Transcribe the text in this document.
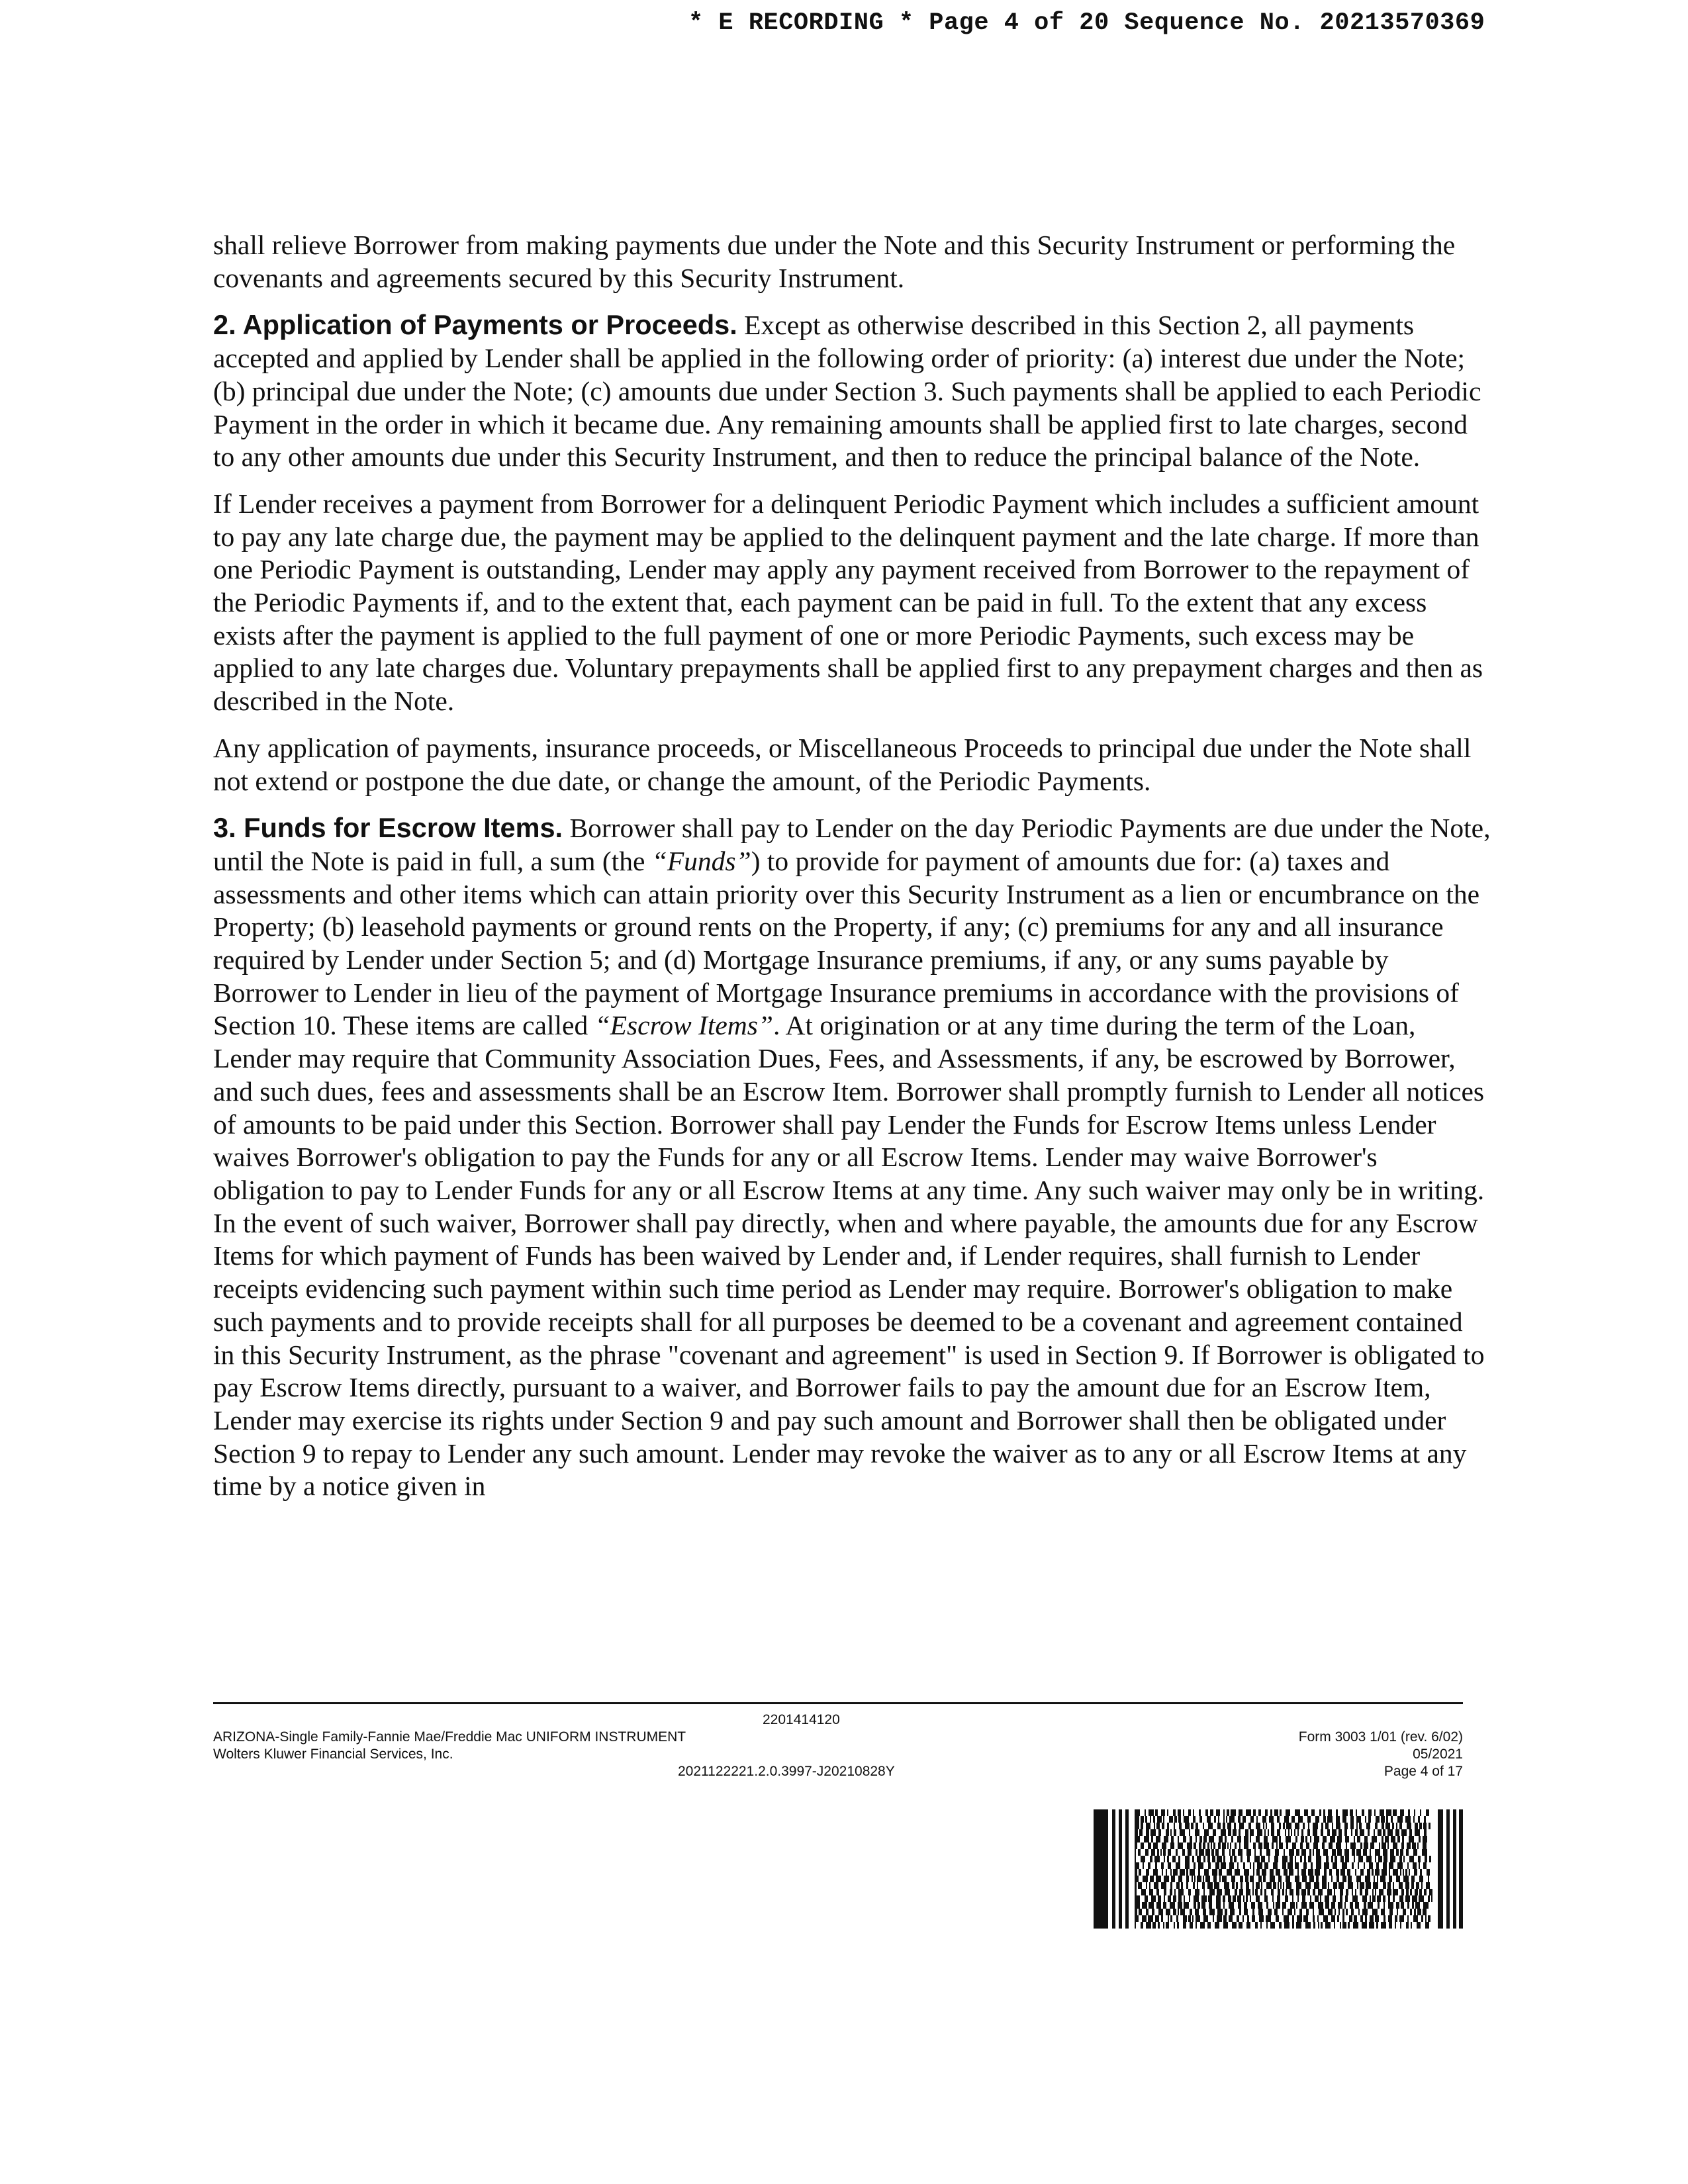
* E RECORDING * Page 4 of 20 Sequence No. 20213570369

shall relieve Borrower from making payments due under the Note and this Security Instrument or performing the covenants and agreements secured by this Security Instrument.

2. Application of Payments or Proceeds. Except as otherwise described in this Section 2, all payments accepted and applied by Lender shall be applied in the following order of priority: (a) interest due under the Note; (b) principal due under the Note; (c) amounts due under Section 3. Such payments shall be applied to each Periodic Payment in the order in which it became due. Any remaining amounts shall be applied first to late charges, second to any other amounts due under this Security Instrument, and then to reduce the principal balance of the Note.

If Lender receives a payment from Borrower for a delinquent Periodic Payment which includes a sufficient amount to pay any late charge due, the payment may be applied to the delinquent payment and the late charge. If more than one Periodic Payment is outstanding, Lender may apply any payment received from Borrower to the repayment of the Periodic Payments if, and to the extent that, each payment can be paid in full. To the extent that any excess exists after the payment is applied to the full payment of one or more Periodic Payments, such excess may be applied to any late charges due. Voluntary prepayments shall be applied first to any prepayment charges and then as described in the Note.

Any application of payments, insurance proceeds, or Miscellaneous Proceeds to principal due under the Note shall not extend or postpone the due date, or change the amount, of the Periodic Payments.

3. Funds for Escrow Items. Borrower shall pay to Lender on the day Periodic Payments are due under the Note, until the Note is paid in full, a sum (the “Funds”) to provide for payment of amounts due for: (a) taxes and assessments and other items which can attain priority over this Security Instrument as a lien or encumbrance on the Property; (b) leasehold payments or ground rents on the Property, if any; (c) premiums for any and all insurance required by Lender under Section 5; and (d) Mortgage Insurance premiums, if any, or any sums payable by Borrower to Lender in lieu of the payment of Mortgage Insurance premiums in accordance with the provisions of Section 10. These items are called “Escrow Items”. At origination or at any time during the term of the Loan, Lender may require that Community Association Dues, Fees, and Assessments, if any, be escrowed by Borrower, and such dues, fees and assessments shall be an Escrow Item. Borrower shall promptly furnish to Lender all notices of amounts to be paid under this Section. Borrower shall pay Lender the Funds for Escrow Items unless Lender waives Borrower's obligation to pay the Funds for any or all Escrow Items. Lender may waive Borrower's obligation to pay to Lender Funds for any or all Escrow Items at any time. Any such waiver may only be in writing. In the event of such waiver, Borrower shall pay directly, when and where payable, the amounts due for any Escrow Items for which payment of Funds has been waived by Lender and, if Lender requires, shall furnish to Lender receipts evidencing such payment within such time period as Lender may require. Borrower's obligation to make such payments and to provide receipts shall for all purposes be deemed to be a covenant and agreement contained in this Security Instrument, as the phrase "covenant and agreement" is used in Section 9. If Borrower is obligated to pay Escrow Items directly, pursuant to a waiver, and Borrower fails to pay the amount due for an Escrow Item, Lender may exercise its rights under Section 9 and pay such amount and Borrower shall then be obligated under Section 9 to repay to Lender any such amount. Lender may revoke the waiver as to any or all Escrow Items at any time by a notice given in

2201414120
ARIZONA-Single Family-Fannie Mae/Freddie Mac UNIFORM INSTRUMENT
Wolters Kluwer Financial Services, Inc.
2021122221.2.0.3997-J20210828Y
Form 3003 1/01 (rev. 6/02)
05/2021
Page 4 of 17
